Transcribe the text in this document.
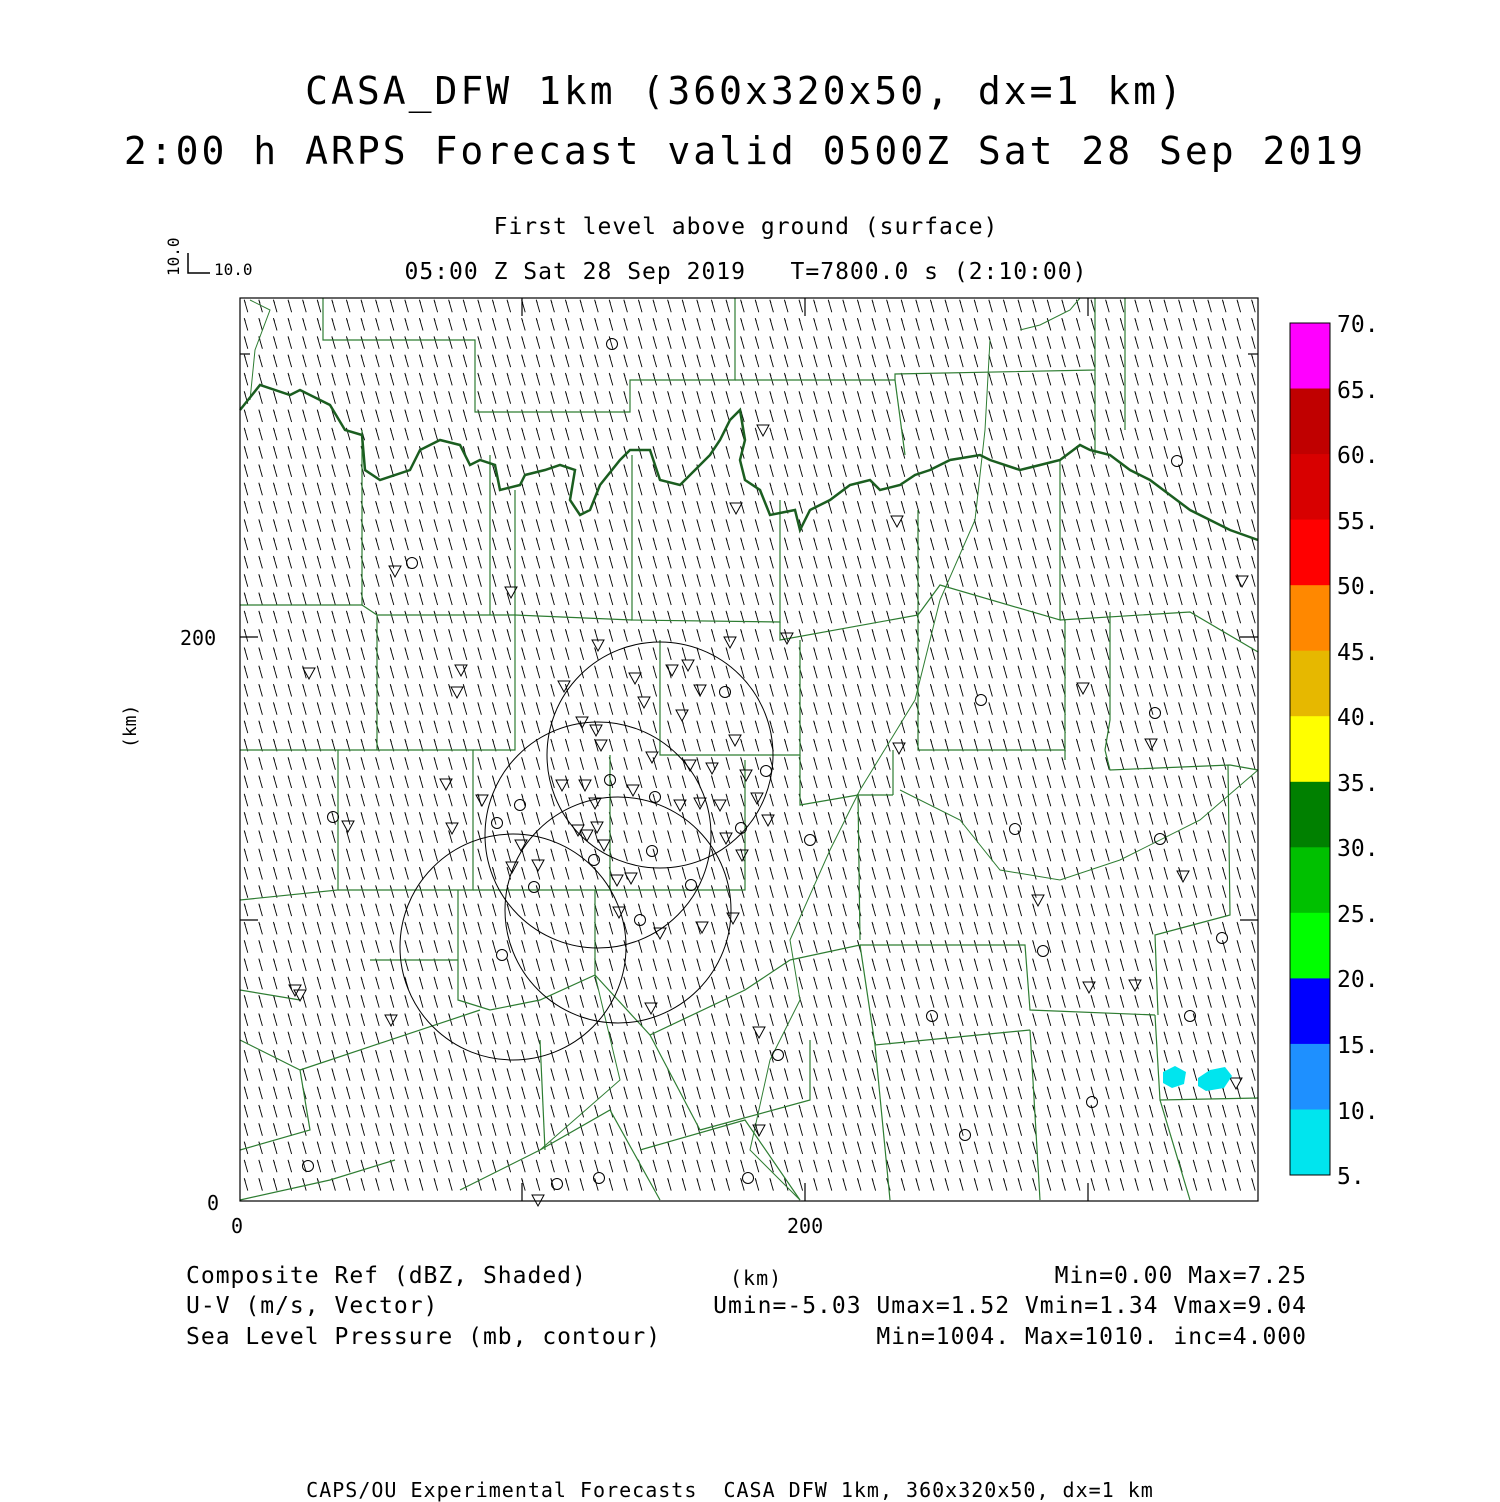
CASA_DFW 1km (360x320x50, dx=1 km)
2:00 h ARPS Forecast valid 0500Z Sat 28 Sep 2019
First level above ground (surface)
05:00 Z Sat 28 Sep 2019   T=7800.0 s (2:10:00)
10.0
10.0
200
0
0	200
(km)
70.
65.
60.
55.
50.
45.
40.
35.
30.
25.
20.
15.
10.
5.
Composite Ref (dBZ, Shaded)	(km)	Min=0.00 Max=7.25
U-V (m/s, Vector)	Umin=-5.03 Umax=1.52 Vmin=1.34 Vmax=9.04
Sea Level Pressure (mb, contour)	Min=1004. Max=1010. inc=4.000
CAPS/OU Experimental Forecasts  CASA DFW 1km, 360x320x50, dx=1 km
